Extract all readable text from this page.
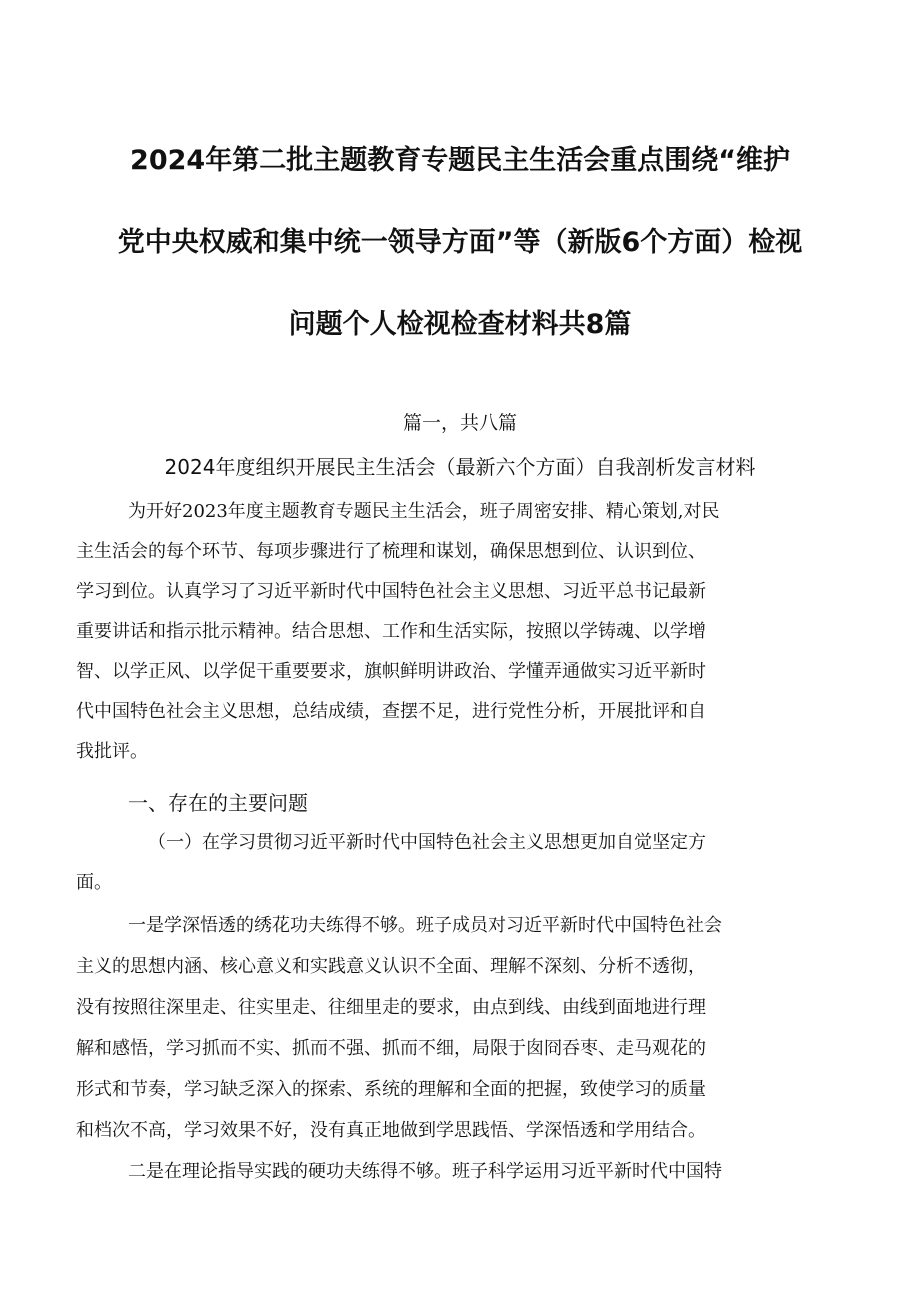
2024年第二批主题教育专题民主生活会重点围绕“维护
党中央权威和集中统一领导方面”等（新版6个方面）检视
问题个人检视检查材料共8篇
篇一，共八篇
2024年度组织开展民主生活会（最新六个方面）自我剖析发言材料
为开好2023年度主题教育专题民主生活会，班子周密安排、精心策划,对民
主生活会的每个环节、每项步骤进行了梳理和谋划，确保思想到位、认识到位、
学习到位。认真学习了习近平新时代中国特色社会主义思想、习近平总书记最新
重要讲话和指示批示精神。结合思想、工作和生活实际，按照以学铸魂、以学增
智、以学正风、以学促干重要要求，旗帜鲜明讲政治、学懂弄通做实习近平新时
代中国特色社会主义思想，总结成绩，查摆不足，进行党性分析，开展批评和自
我批评。
一、存在的主要问题
（一）在学习贯彻习近平新时代中国特色社会主义思想更加自觉坚定方
面。
一是学深悟透的绣花功夫练得不够。班子成员对习近平新时代中国特色社会
主义的思想内涵、核心意义和实践意义认识不全面、理解不深刻、分析不透彻，
没有按照往深里走、往实里走、往细里走的要求，由点到线、由线到面地进行理
解和感悟，学习抓而不实、抓而不强、抓而不细，局限于囱冏吞枣、走马观花的
形式和节奏，学习缺乏深入的探索、系统的理解和全面的把握，致使学习的质量
和档次不高，学习效果不好，没有真正地做到学思践悟、学深悟透和学用结合。
二是在理论指导实践的硬功夫练得不够。班子科学运用习近平新时代中国特
